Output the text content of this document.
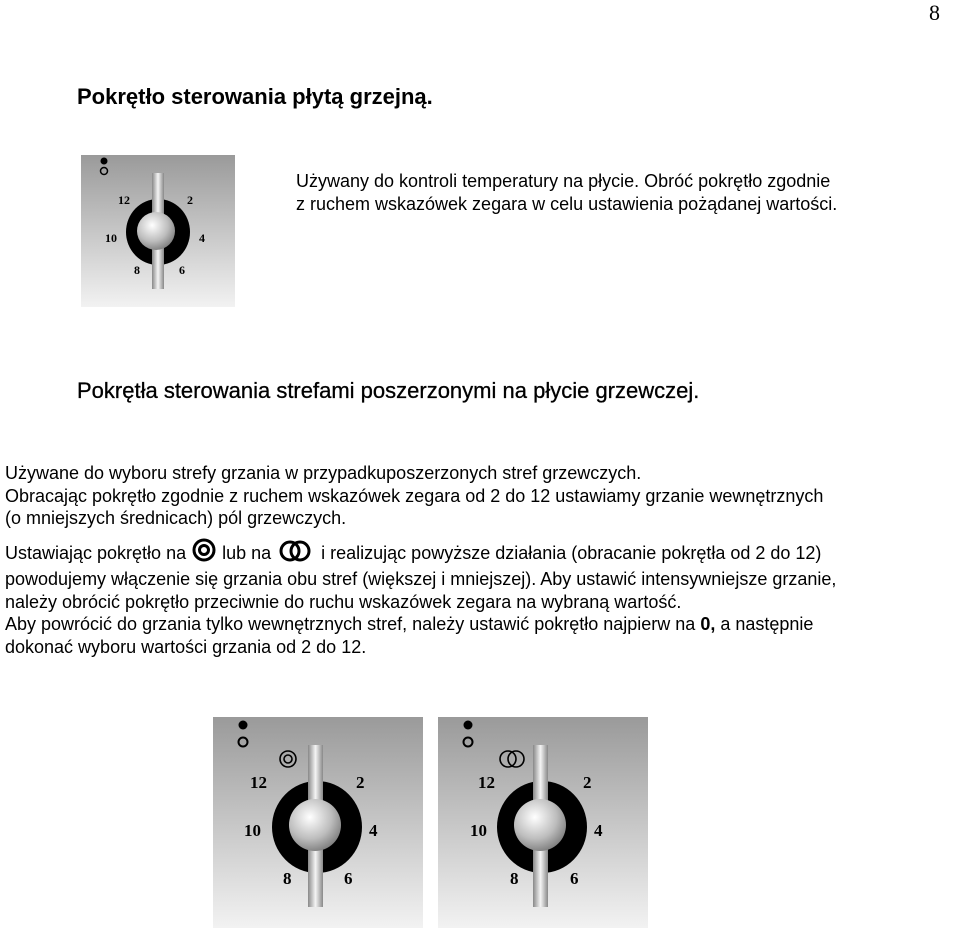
8
Pokrętło sterowania płytą grzejną.
12	2
10	4
8	6
Używany do kontroli temperatury na płycie. Obróć pokrętło zgodnie
z ruchem wskazówek zegara w celu ustawienia pożądanej wartości.
Pokrętła sterowania strefami poszerzonymi na płycie grzewczej.
Używane do wyboru strefy grzania w przypadkuposzerzonych stref grzewczych.
Obracając pokrętło zgodnie z ruchem wskazówek zegara od 2 do 12 ustawiamy grzanie wewnętrznych
(o mniejszych średnicach) pól grzewczych.
Ustawiając pokrętło na  lub na  i realizując powyższe działania (obracanie pokrętła od 2 do 12)
powodujemy włączenie się grzania obu stref (większej i mniejszej). Aby ustawić intensywniejsze grzanie,
należy obrócić pokrętło przeciwnie do ruchu wskazówek zegara na wybraną wartość.
Aby powrócić do grzania tylko wewnętrznych stref, należy ustawić pokrętło najpierw na 0, a następnie
dokonać wyboru wartości grzania od 2 do 12.
12	2
10	4
8	6
12	2
10	4
8	6
